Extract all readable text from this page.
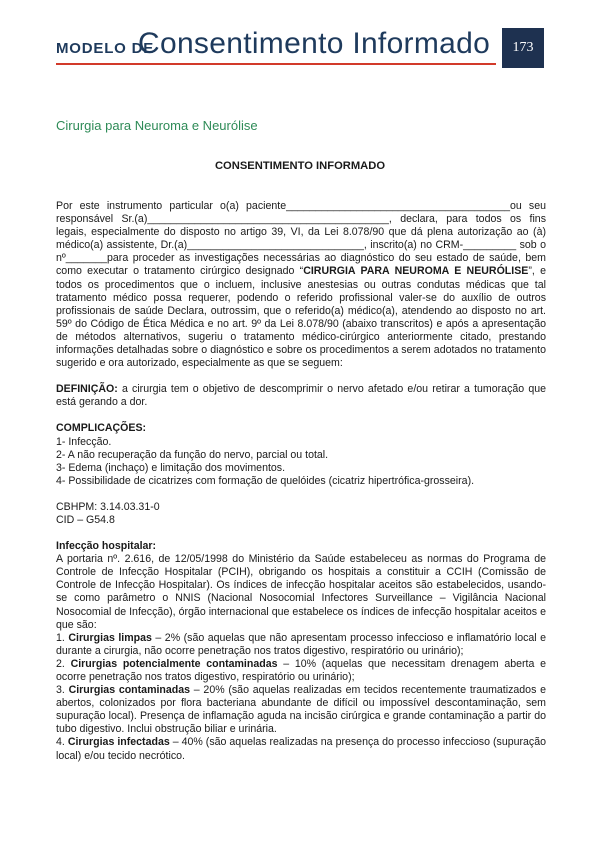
MODELO DE
Consentimento Informado	173
Cirurgia para Neuroma e Neurólise
CONSENTIMENTO INFORMADO

Por este instrumento particular o(a) paciente______________________________________ou seu responsável Sr.(a)_________________________________________, declara, para todos os fins legais, especialmente do disposto no artigo 39, VI, da Lei 8.078/90 que dá plena autorização ao (à) médico(a) assistente, Dr.(a)______________________________, inscrito(a) no CRM-_________ sob o nº_______para proceder as investigações necessárias ao diagnóstico do seu estado de saúde, bem como executar o tratamento cirúrgico designado “CIRURGIA PARA NEUROMA E NEURÓLISE”, e todos os procedimentos que o incluem, inclusive anestesias ou outras condutas médicas que tal tratamento médico possa requerer, podendo o referido profissional valer-se do auxílio de outros profissionais de saúde Declara, outrossim, que o referido(a) médico(a), atendendo ao disposto no art. 59º do Código de Ética Médica e no art. 9º da Lei 8.078/90 (abaixo transcritos) e após a apresentação de métodos alternativos, sugeriu o tratamento médico-cirúrgico anteriormente citado, prestando informações detalhadas sobre o diagnóstico e sobre os procedimentos a serem adotados no tratamento sugerido e ora autorizado, especialmente as que se seguem:

DEFINIÇÃO: a cirurgia tem o objetivo de descomprimir o nervo afetado e/ou retirar a tumoração que está gerando a dor.

COMPLICAÇÕES:

1- Infecção.

2- A não recuperação da função do nervo, parcial ou total.

3- Edema (inchaço) e limitação dos movimentos.

4- Possibilidade de cicatrizes com formação de quelóides (cicatriz hipertrófica-grosseira).

CBHPM: 3.14.03.31-0

CID – G54.8

Infecção hospitalar:

A portaria nº. 2.616, de 12/05/1998 do Ministério da Saúde estabeleceu as normas do Programa de Controle de Infecção Hospitalar (PCIH), obrigando os hospitais a constituir a CCIH (Comissão de Controle de Infecção Hospitalar). Os índices de infecção hospitalar aceitos são estabelecidos, usando-se como parâmetro o NNIS (Nacional Nosocomial Infectores Surveillance – Vigilância Nacional Nosocomial de Infecção), órgão internacional que estabelece os índices de infecção hospitalar aceitos e que são:

1. Cirurgias limpas – 2% (são aquelas que não apresentam processo infeccioso e inflamatório local e durante a cirurgia, não ocorre penetração nos tratos digestivo, respiratório ou urinário);

2. Cirurgias potencialmente contaminadas – 10% (aquelas que necessitam drenagem aberta e ocorre penetração nos tratos digestivo, respiratório ou urinário);

3. Cirurgias contaminadas – 20% (são aquelas realizadas em tecidos recentemente traumatizados e abertos, colonizados por flora bacteriana abundante de difícil ou impossível descontaminação, sem supuração local). Presença de inflamação aguda na incisão cirúrgica e grande contaminação a partir do tubo digestivo. Inclui obstrução biliar e urinária.

4. Cirurgias infectadas – 40% (são aquelas realizadas na presença do processo infeccioso (supuração local) e/ou tecido necrótico.
